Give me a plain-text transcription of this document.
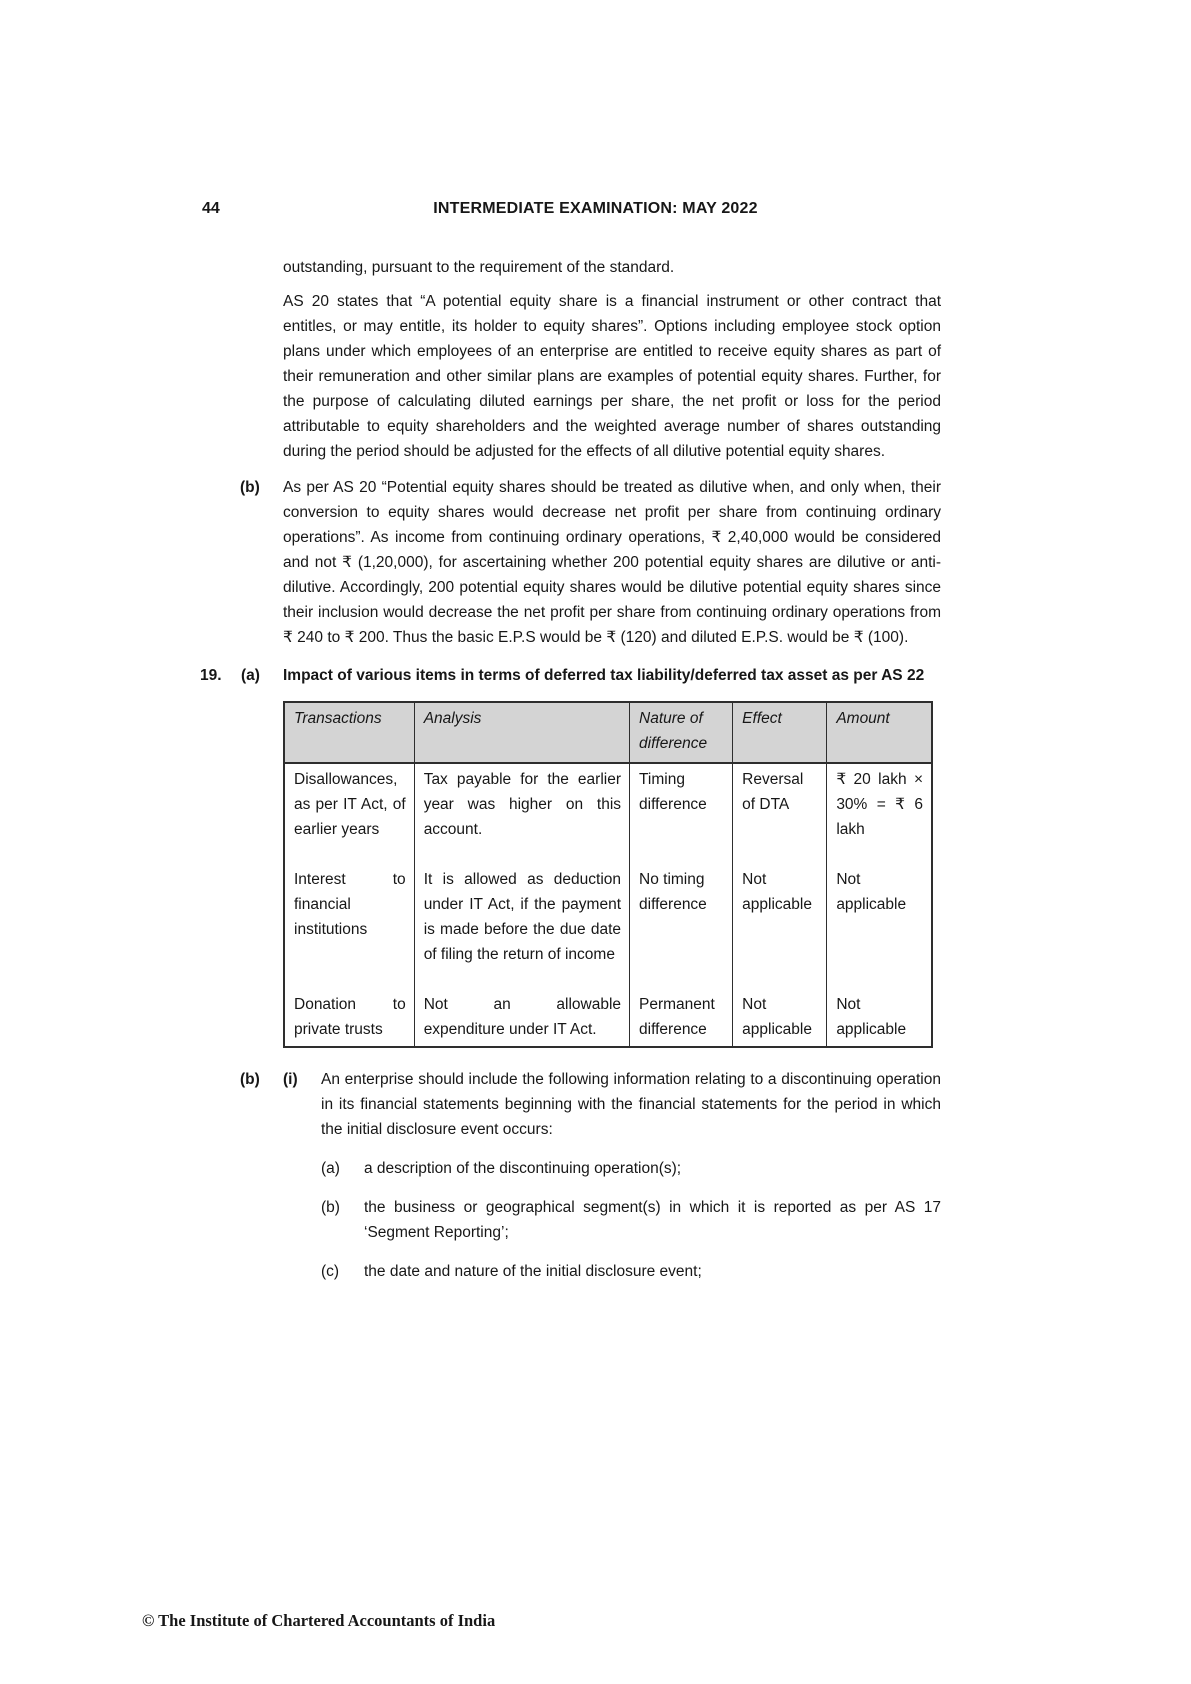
44	INTERMEDIATE EXAMINATION: MAY 2022

outstanding, pursuant to the requirement of the standard.

AS 20 states that “A potential equity share is a financial instrument or other contract that entitles, or may entitle, its holder to equity shares”. Options including employee stock option plans under which employees of an enterprise are entitled to receive equity shares as part of their remuneration and other similar plans are examples of potential equity shares. Further, for the purpose of calculating diluted earnings per share, the net profit or loss for the period attributable to equity shareholders and the weighted average number of shares outstanding during the period should be adjusted for the effects of all dilutive potential equity shares.

(b) As per AS 20 “Potential equity shares should be treated as dilutive when, and only when, their conversion to equity shares would decrease net profit per share from continuing ordinary operations”. As income from continuing ordinary operations, ₹ 2,40,000 would be considered and not ₹ (1,20,000), for ascertaining whether 200 potential equity shares are dilutive or anti-dilutive. Accordingly, 200 potential equity shares would be dilutive potential equity shares since their inclusion would decrease the net profit per share from continuing ordinary operations from ₹ 240 to ₹ 200. Thus the basic E.P.S would be ₹ (120) and diluted E.P.S. would be ₹ (100).
19. (a) Impact of various items in terms of deferred tax liability/deferred tax asset as per AS 22
Transactions	Analysis	Nature of difference	Effect	Amount
Disallowances, as per IT Act, of earlier years	Tax payable for the earlier year was higher on this account.	Timing difference	Reversal of DTA	₹ 20 lakh × 30% = ₹ 6 lakh
Interest to financial institutions	It is allowed as deduction under IT Act, if the payment is made before the due date of filing the return of income	No timing difference	Not applicable	Not applicable
Donation to private trusts	Not an allowable expenditure under IT Act.	Permanent difference	Not applicable	Not applicable
(b) (i) An enterprise should include the following information relating to a discontinuing operation in its financial statements beginning with the financial statements for the period in which the initial disclosure event occurs:
(a) a description of the discontinuing operation(s);
(b) the business or geographical segment(s) in which it is reported as per AS 17 ‘Segment Reporting’;
(c) the date and nature of the initial disclosure event;
© The Institute of Chartered Accountants of India
